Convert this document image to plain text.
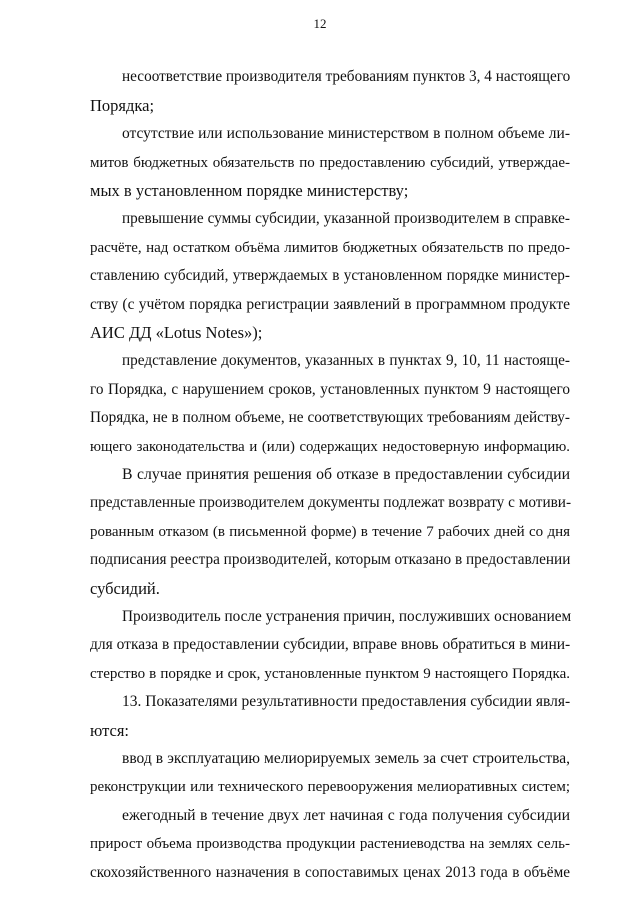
12
несоответствие производителя требованиям пунктов 3, 4 настоящего
Порядка;
отсутствие или использование министерством в полном объеме ли-
митов бюджетных обязательств по предоставлению субсидий, утверждае-
мых в установленном порядке министерству;
превышение суммы субсидии, указанной производителем в справке-
расчёте, над остатком объёма лимитов бюджетных обязательств по предо-
ставлению субсидий, утверждаемых в установленном порядке министер-
ству (с учётом порядка регистрации заявлений в программном продукте
АИС ДД «Lotus Notes»);
представление документов, указанных в пунктах 9, 10, 11 настояще-
го Порядка, с нарушением сроков, установленных пунктом 9 настоящего
Порядка, не в полном объеме, не соответствующих требованиям действу-
ющего законодательства и (или) содержащих недостоверную информацию.
В случае принятия решения об отказе в предоставлении субсидии
представленные производителем документы подлежат возврату с мотиви-
рованным отказом (в письменной форме) в течение 7 рабочих дней со дня
подписания реестра производителей, которым отказано в предоставлении
субсидий.
Производитель после устранения причин, послуживших основанием
для отказа в предоставлении субсидии, вправе вновь обратиться в мини-
стерство в порядке и срок, установленные пунктом 9 настоящего Порядка.
13. Показателями результативности предоставления субсидии явля-
ются:
ввод в эксплуатацию мелиорируемых земель за счет строительства,
реконструкции или технического перевооружения мелиоративных систем;
ежегодный в течение двух лет начиная с года получения субсидии
прирост объема производства продукции растениеводства на землях сель-
скохозяйственного назначения в сопоставимых ценах 2013 года в объёме
